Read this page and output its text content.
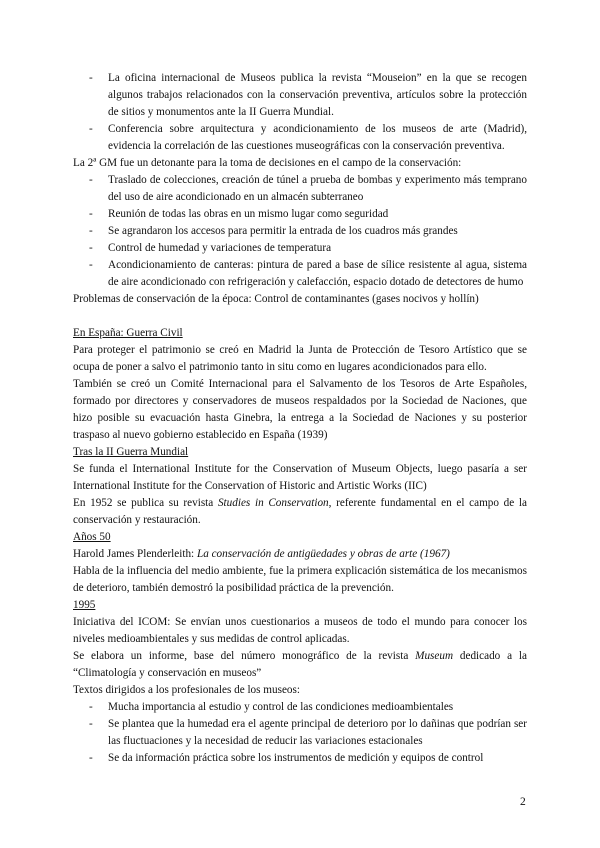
- La oficina internacional de Museos publica la revista “Mouseion” en la que se recogen algunos trabajos relacionados con la conservación preventiva, artículos sobre la protección de sitios y monumentos ante la II Guerra Mundial.
- Conferencia sobre arquitectura y acondicionamiento de los museos de arte (Madrid), evidencia la correlación de las cuestiones museográficas con la conservación preventiva.
La 2ª GM fue un detonante para la toma de decisiones en el campo de la conservación:
- Traslado de colecciones, creación de túnel a prueba de bombas y experimento más temprano del uso de aire acondicionado en un almacén subterraneo
- Reunión de todas las obras en un mismo lugar como seguridad
- Se agrandaron los accesos para permitir la entrada de los cuadros más grandes
- Control de humedad y variaciones de temperatura
- Acondicionamiento de canteras: pintura de pared a base de sílice resistente al agua, sistema de aire acondicionado con refrigeración y calefacción, espacio dotado de detectores de humo
Problemas de conservación de la época: Control de contaminantes (gases nocivos y hollín)
En España: Guerra Civil
Para proteger el patrimonio se creó en Madrid la Junta de Protección de Tesoro Artístico que se ocupa de poner a salvo el patrimonio tanto in situ como en lugares acondicionados para ello.
También se creó un Comité Internacional para el Salvamento de los Tesoros de Arte Españoles, formado por directores y conservadores de museos respaldados por la Sociedad de Naciones, que hizo posible su evacuación hasta Ginebra, la entrega a la Sociedad de Naciones y su posterior traspaso al nuevo gobierno establecido en España (1939)
Tras la II Guerra Mundial
Se funda el International Institute for the Conservation of Museum Objects, luego pasaría a ser International Institute for the Conservation of Historic and Artistic Works (IIC)
En 1952 se publica su revista Studies in Conservation, referente fundamental en el campo de la conservación y restauración.
Años 50
Harold James Plenderleith: La conservación de antigüedades y obras de arte (1967)
Habla de la influencia del medio ambiente, fue la primera explicación sistemática de los mecanismos de deterioro, también demostró la posibilidad práctica de la prevención.
1995
Iniciativa del ICOM: Se envían unos cuestionarios a museos de todo el mundo para conocer los niveles medioambientales y sus medidas de control aplicadas.
Se elabora un informe, base del número monográfico de la revista Museum dedicado a la “Climatología y conservación en museos”
Textos dirigidos a los profesionales de los museos:
- Mucha importancia al estudio y control de las condiciones medioambientales
- Se plantea que la humedad era el agente principal de deterioro por lo dañinas que podrían ser las fluctuaciones y la necesidad de reducir las variaciones estacionales
- Se da información práctica sobre los instrumentos de medición y equipos de control
2
